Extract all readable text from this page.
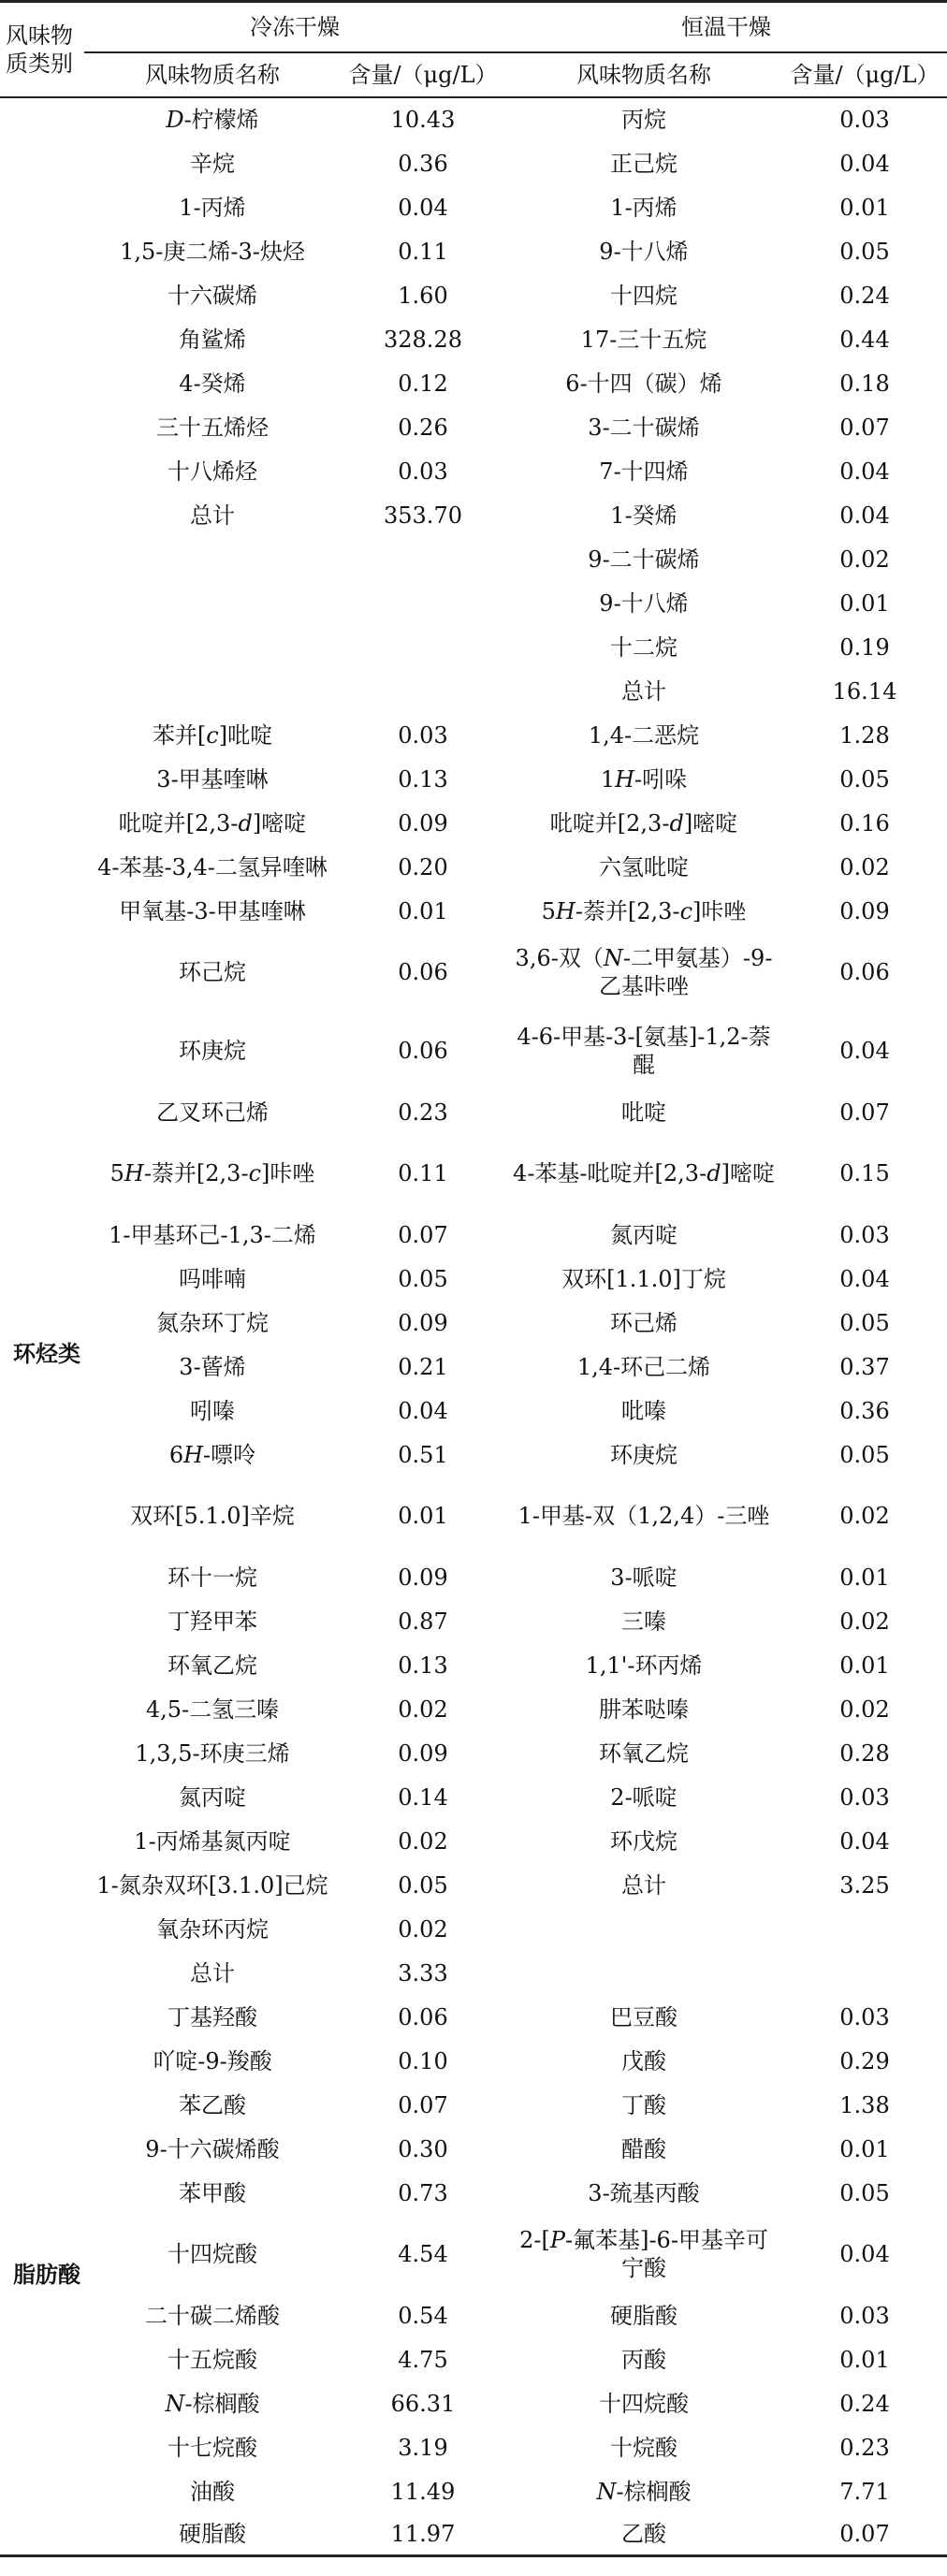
风味物质类别	冷冻干燥		恒温干燥	
	风味物质名称	含量/（μg/L）	风味物质名称	含量/（μg/L）
	D-柠檬烯	10.43	丙烷	0.03
	辛烷	0.36	正己烷	0.04
	1-丙烯	0.04	1-丙烯	0.01
	1,5-庚二烯-3-炔烃	0.11	9-十八烯	0.05
	十六碳烯	1.60	十四烷	0.24
	角鲨烯	328.28	17-三十五烷	0.44
	4-癸烯	0.12	6-十四（碳）烯	0.18
	三十五烯烃	0.26	3-二十碳烯	0.07
	十八烯烃	0.03	7-十四烯	0.04
	总计	353.70	1-癸烯	0.04
			9-二十碳烯	0.02
			9-十八烯	0.01
			十二烷	0.19
			总计	16.14
环烃类	苯并[c]吡啶	0.03	1,4-二恶烷	1.28
	3-甲基喹啉	0.13	1H-吲哚	0.05
	吡啶并[2,3-d]嘧啶	0.09	吡啶并[2,3-d]嘧啶	0.16
	4-苯基-3,4-二氢异喹啉	0.20	六氢吡啶	0.02
	甲氧基-3-甲基喹啉	0.01	5H-萘并[2,3-c]咔唑	0.09
	环己烷	0.06	3,6-双（N-二甲氨基）-9-乙基咔唑	0.06
	环庚烷	0.06	4-6-甲基-3-[氨基]-1,2-萘醌	0.04
	乙叉环己烯	0.23	吡啶	0.07
	5H-萘并[2,3-c]咔唑	0.11	4-苯基-吡啶并[2,3-d]嘧啶	0.15
	1-甲基环己-1,3-二烯	0.07	氮丙啶	0.03
	吗啡喃	0.05	双环[1.1.0]丁烷	0.04
	氮杂环丁烷	0.09	环己烯	0.05
	3-蒈烯	0.21	1,4-环己二烯	0.37
	吲嗪	0.04	吡嗪	0.36
	6H-嘌呤	0.51	环庚烷	0.05
	双环[5.1.0]辛烷	0.01	1-甲基-双（1,2,4）-三唑	0.02
	环十一烷	0.09	3-哌啶	0.01
	丁羟甲苯	0.87	三嗪	0.02
	环氧乙烷	0.13	1,1'-环丙烯	0.01
	4,5-二氢三嗪	0.02	肼苯哒嗪	0.02
	1,3,5-环庚三烯	0.09	环氧乙烷	0.28
	氮丙啶	0.14	2-哌啶	0.03
	1-丙烯基氮丙啶	0.02	环戊烷	0.04
	1-氮杂双环[3.1.0]己烷	0.05	总计	3.25
	氧杂环丙烷	0.02		
	总计	3.33		
脂肪酸	丁基羟酸	0.06	巴豆酸	0.03
	吖啶-9-羧酸	0.10	戊酸	0.29
	苯乙酸	0.07	丁酸	1.38
	9-十六碳烯酸	0.30	醋酸	0.01
	苯甲酸	0.73	3-巯基丙酸	0.05
	十四烷酸	4.54	2-[P-氟苯基]-6-甲基辛可宁酸	0.04
	二十碳二烯酸	0.54	硬脂酸	0.03
	十五烷酸	4.75	丙酸	0.01
	N-棕榈酸	66.31	十四烷酸	0.24
	十七烷酸	3.19	十烷酸	0.23
	油酸	11.49	N-棕榈酸	7.71
	硬脂酸	11.97	乙酸	0.07
